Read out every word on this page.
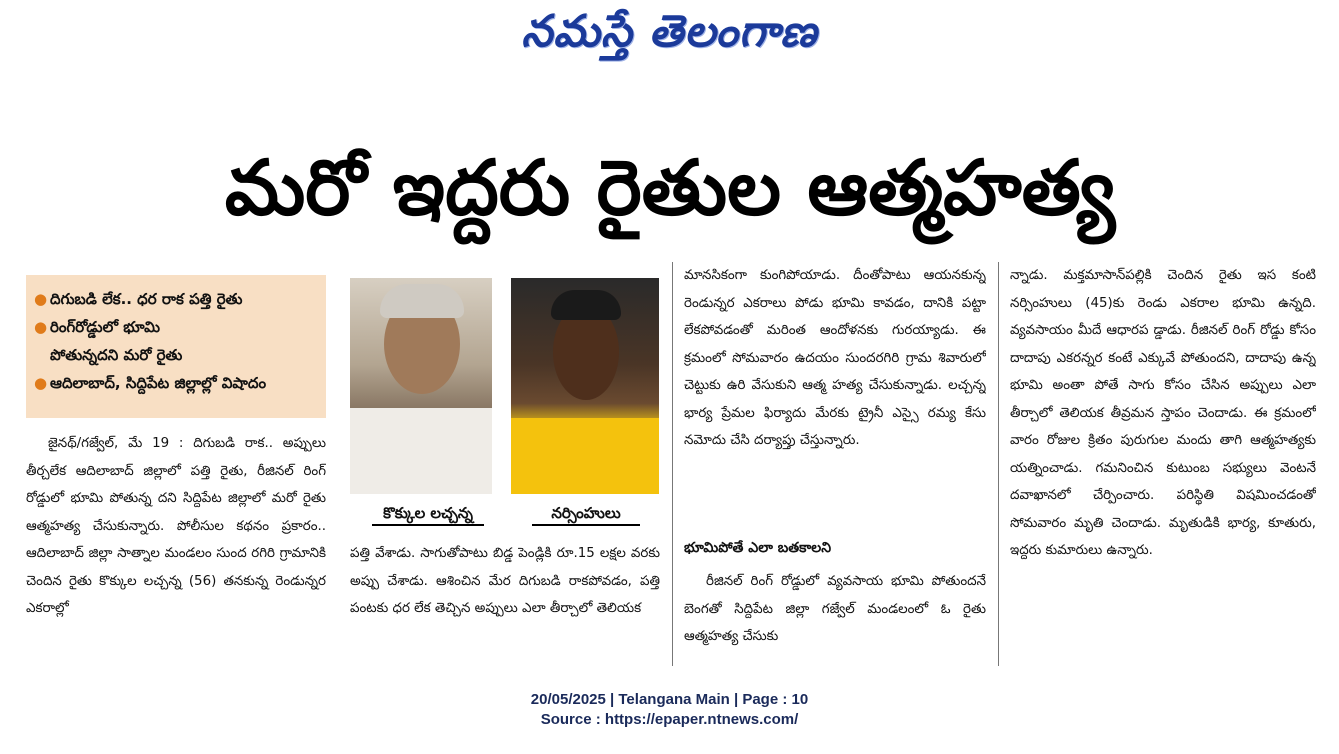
నమస్తే తెలంగాణ
మరో ఇద్దరు రైతుల ఆత్మహత్య
● దిగుబడి లేక.. ధర రాక పత్తి రైతు
● రింగ్‌రోడ్డులో భూమి
పోతున్నదని మరో రైతు
● ఆదిలాబాద్, సిద్దిపేట జిల్లాల్లో విషాదం
కొక్కుల లచ్చన్న	నర్సింహులు

జైనథ్/గజ్వేల్, మే 19 : దిగుబడి రాక.. అప్పులు తీర్చలేక ఆదిలాబాద్ జిల్లాలో పత్తి రైతు, రీజినల్ రింగ్ రోడ్డులో భూమి పోతున్న దని సిద్దిపేట జిల్లాలో మరో రైతు ఆత్మహత్య చేసుకున్నారు. పోలీసుల కథనం ప్రకారం.. ఆదిలాబాద్ జిల్లా సాత్నాల మండలం సుంద రగిరి గ్రామానికి చెందిన రైతు కొక్కుల లచ్చన్న (56) తనకున్న రెండున్నర ఎకరాల్లో

పత్తి వేశాడు. సాగుతోపాటు బిడ్డ పెండ్లికి రూ.15 లక్షల వరకు అప్పు చేశాడు. ఆశించిన మేర దిగుబడి రాకపోవడం, పత్తి పంటకు ధర లేక తెచ్చిన అప్పులు ఎలా తీర్చాలో తెలియక

మానసికంగా కుంగిపోయాడు. దీంతోపాటు ఆయనకున్న రెండున్నర ఎకరాలు పోడు భూమి కావడం, దానికి పట్టా లేకపోవడంతో మరింత ఆందోళనకు గురయ్యాడు. ఈ క్రమంలో సోమవారం ఉదయం సుందరగిరి గ్రామ శివారులో చెట్టుకు ఉరి వేసుకుని ఆత్మ హత్య చేసుకున్నాడు. లచ్చన్న భార్య ప్రేమల ఫిర్యాదు మేరకు ట్రైనీ ఎస్సై రమ్య కేసు నమోదు చేసి దర్యాప్తు చేస్తున్నారు.

భూమిపోతే ఎలా బతకాలని

రీజినల్ రింగ్ రోడ్డులో వ్యవసాయ భూమి పోతుందనే బెంగతో సిద్దిపేట జిల్లా గజ్వేల్ మండలంలో ఓ రైతు ఆత్మహత్య చేసుకు

న్నాడు. మక్తమాసాన్‌పల్లికి చెందిన రైతు ఇస కంటి నర్సింహులు (45)కు రెండు ఎకరాల భూమి ఉన్నది. వ్యవసాయం మీదే ఆధారప డ్డాడు. రీజినల్ రింగ్ రోడ్డు కోసం దాదాపు ఎకరన్నర కంటే ఎక్కువే పోతుందని, దాదాపు ఉన్న భూమి అంతా పోతే సాగు కోసం చేసిన అప్పులు ఎలా తీర్చాలో తెలియక తీవ్రమన స్తాపం చెందాడు. ఈ క్రమంలో వారం రోజుల క్రితం పురుగుల మందు తాగి ఆత్మహత్యకు యత్నించాడు. గమనించిన కుటుంబ సభ్యులు వెంటనే దవాఖానలో చేర్పించారు. పరిస్థితి విషమించడంతో సోమవారం మృతి చెందాడు. మృతుడికి భార్య, కూతురు, ఇద్దరు కుమారులు ఉన్నారు.

20/05/2025 | Telangana Main | Page : 10
Source : https://epaper.ntnews.com/
